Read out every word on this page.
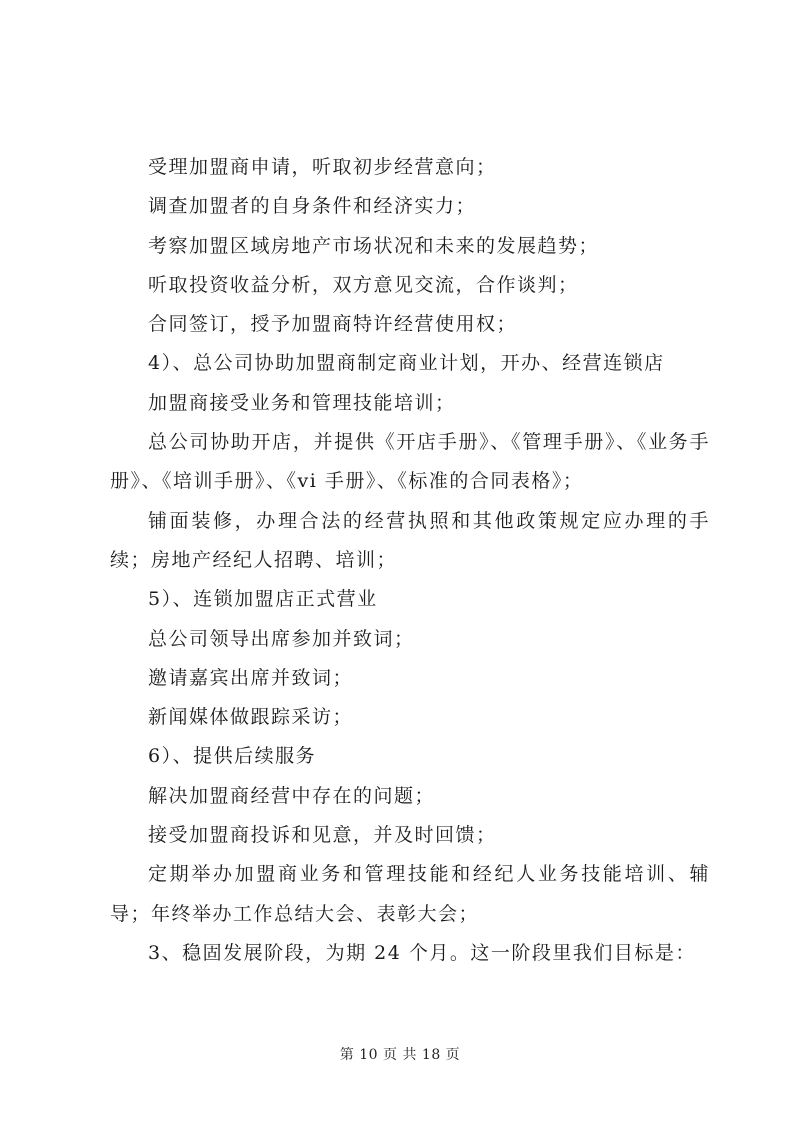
受理加盟商申请，听取初步经营意向；

调查加盟者的自身条件和经济实力；

考察加盟区域房地产市场状况和未来的发展趋势；

听取投资收益分析，双方意见交流，合作谈判；

合同签订，授予加盟商特许经营使用权；

4）、总公司协助加盟商制定商业计划，开办、经营连锁店

加盟商接受业务和管理技能培训；

总公司协助开店，并提供《开店手册》、《管理手册》、《业务手册》、《培训手册》、《vi 手册》、《标准的合同表格》；

铺面装修，办理合法的经营执照和其他政策规定应办理的手续；房地产经纪人招聘、培训；

5）、连锁加盟店正式营业

总公司领导出席参加并致词；

邀请嘉宾出席并致词；

新闻媒体做跟踪采访；

6）、提供后续服务

解决加盟商经营中存在的问题；

接受加盟商投诉和见意，并及时回馈；

定期举办加盟商业务和管理技能和经纪人业务技能培训、辅导；年终举办工作总结大会、表彰大会；

3、稳固发展阶段，为期 24 个月。这一阶段里我们目标是：

第 10 页 共 18 页
